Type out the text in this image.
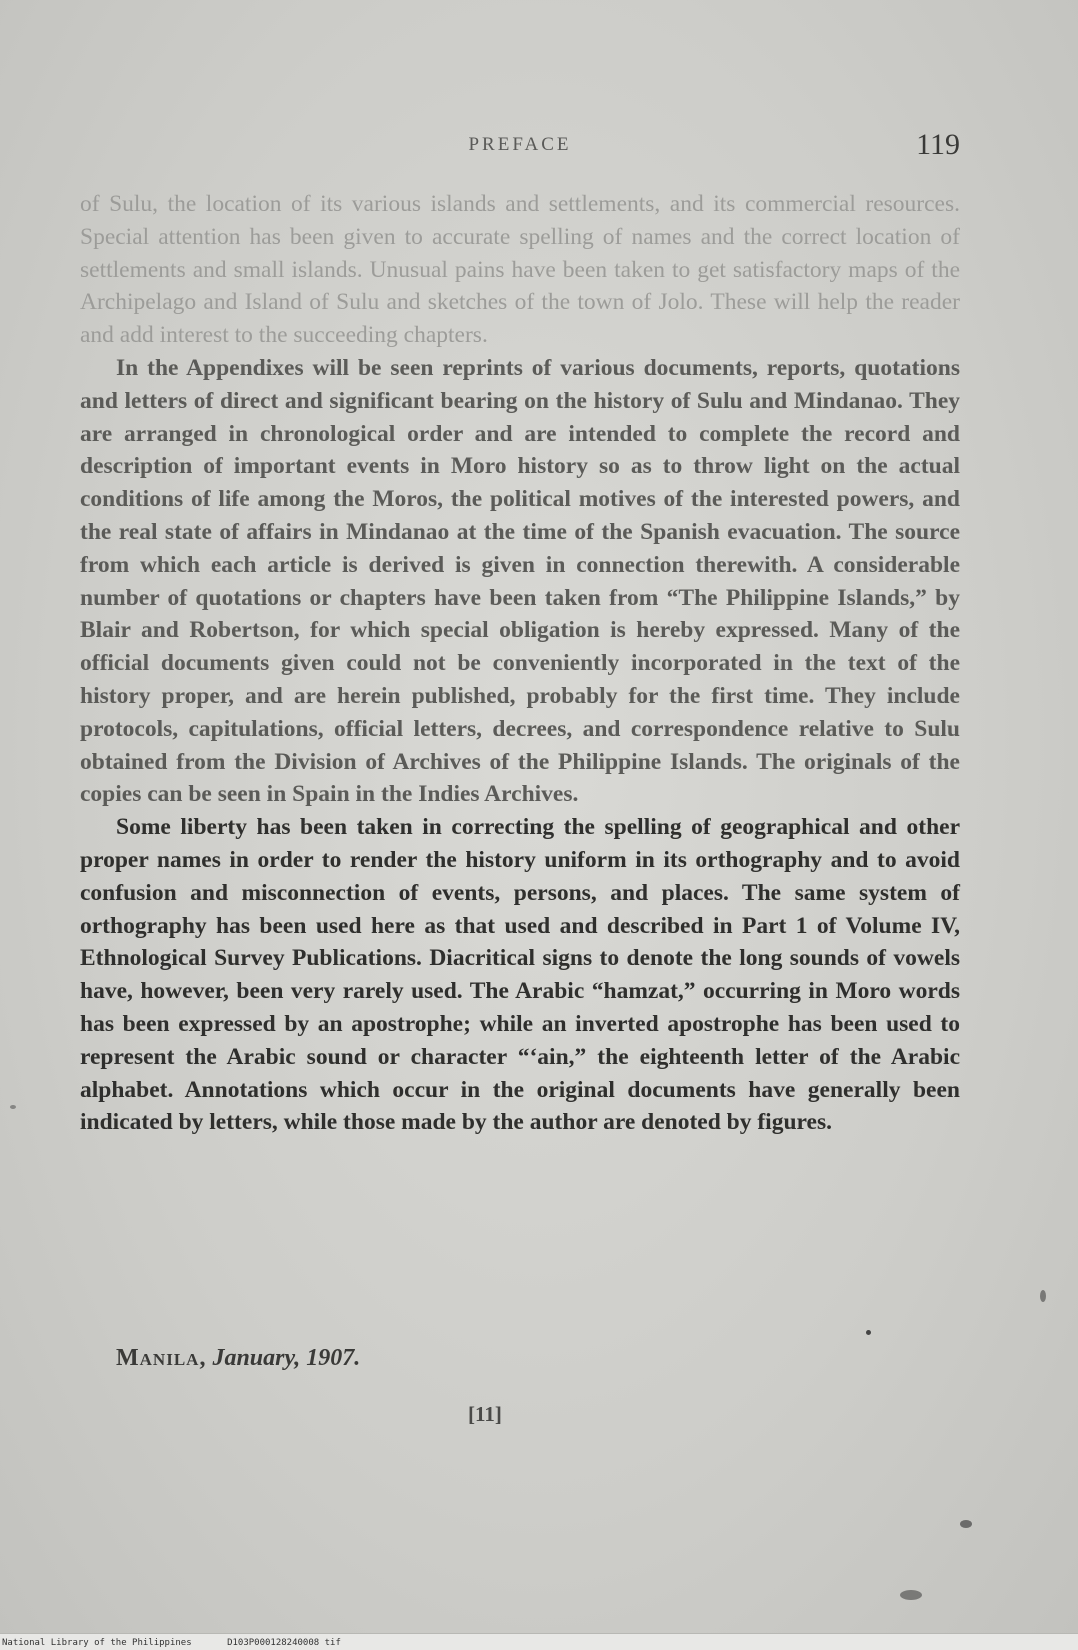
PREFACE	119

of Sulu, the location of its various islands and settlements, and its commercial resources. Special attention has been given to accurate spelling of names and the correct location of settlements and small islands. Unusual pains have been taken to get satisfactory maps of the Archipelago and Island of Sulu and sketches of the town of Jolo. These will help the reader and add interest to the succeeding chapters.

In the Appendixes will be seen reprints of various documents, reports, quotations and letters of direct and significant bearing on the history of Sulu and Mindanao. They are arranged in chronological order and are intended to complete the record and description of important events in Moro history so as to throw light on the actual conditions of life among the Moros, the political motives of the interested powers, and the real state of affairs in Mindanao at the time of the Spanish evacuation. The source from which each article is derived is given in connection therewith. A considerable number of quotations or chapters have been taken from “The Philippine Islands,” by Blair and Robertson, for which special obligation is hereby expressed. Many of the official documents given could not be conveniently incorporated in the text of the history proper, and are herein published, probably for the first time. They include protocols, capitulations, official letters, decrees, and correspondence relative to Sulu obtained from the Division of Archives of the Philippine Islands. The originals of the copies can be seen in Spain in the Indies Archives.

Some liberty has been taken in correcting the spelling of geographical and other proper names in order to render the history uniform in its orthography and to avoid confusion and misconnection of events, persons, and places. The same system of orthography has been used here as that used and described in Part 1 of Volume IV, Ethnological Survey Publications. Diacritical signs to denote the long sounds of vowels have, however, been very rarely used. The Arabic “hamzat,” occurring in Moro words has been expressed by an apostrophe; while an inverted apostrophe has been used to represent the Arabic sound or character “‘ain,” the eighteenth letter of the Arabic alphabet. Annotations which occur in the original documents have generally been indicated by letters, while those made by the author are denoted by figures.

Manila, January, 1907.
[11]
National Library of the Philippines	D103P000128240008 tif
